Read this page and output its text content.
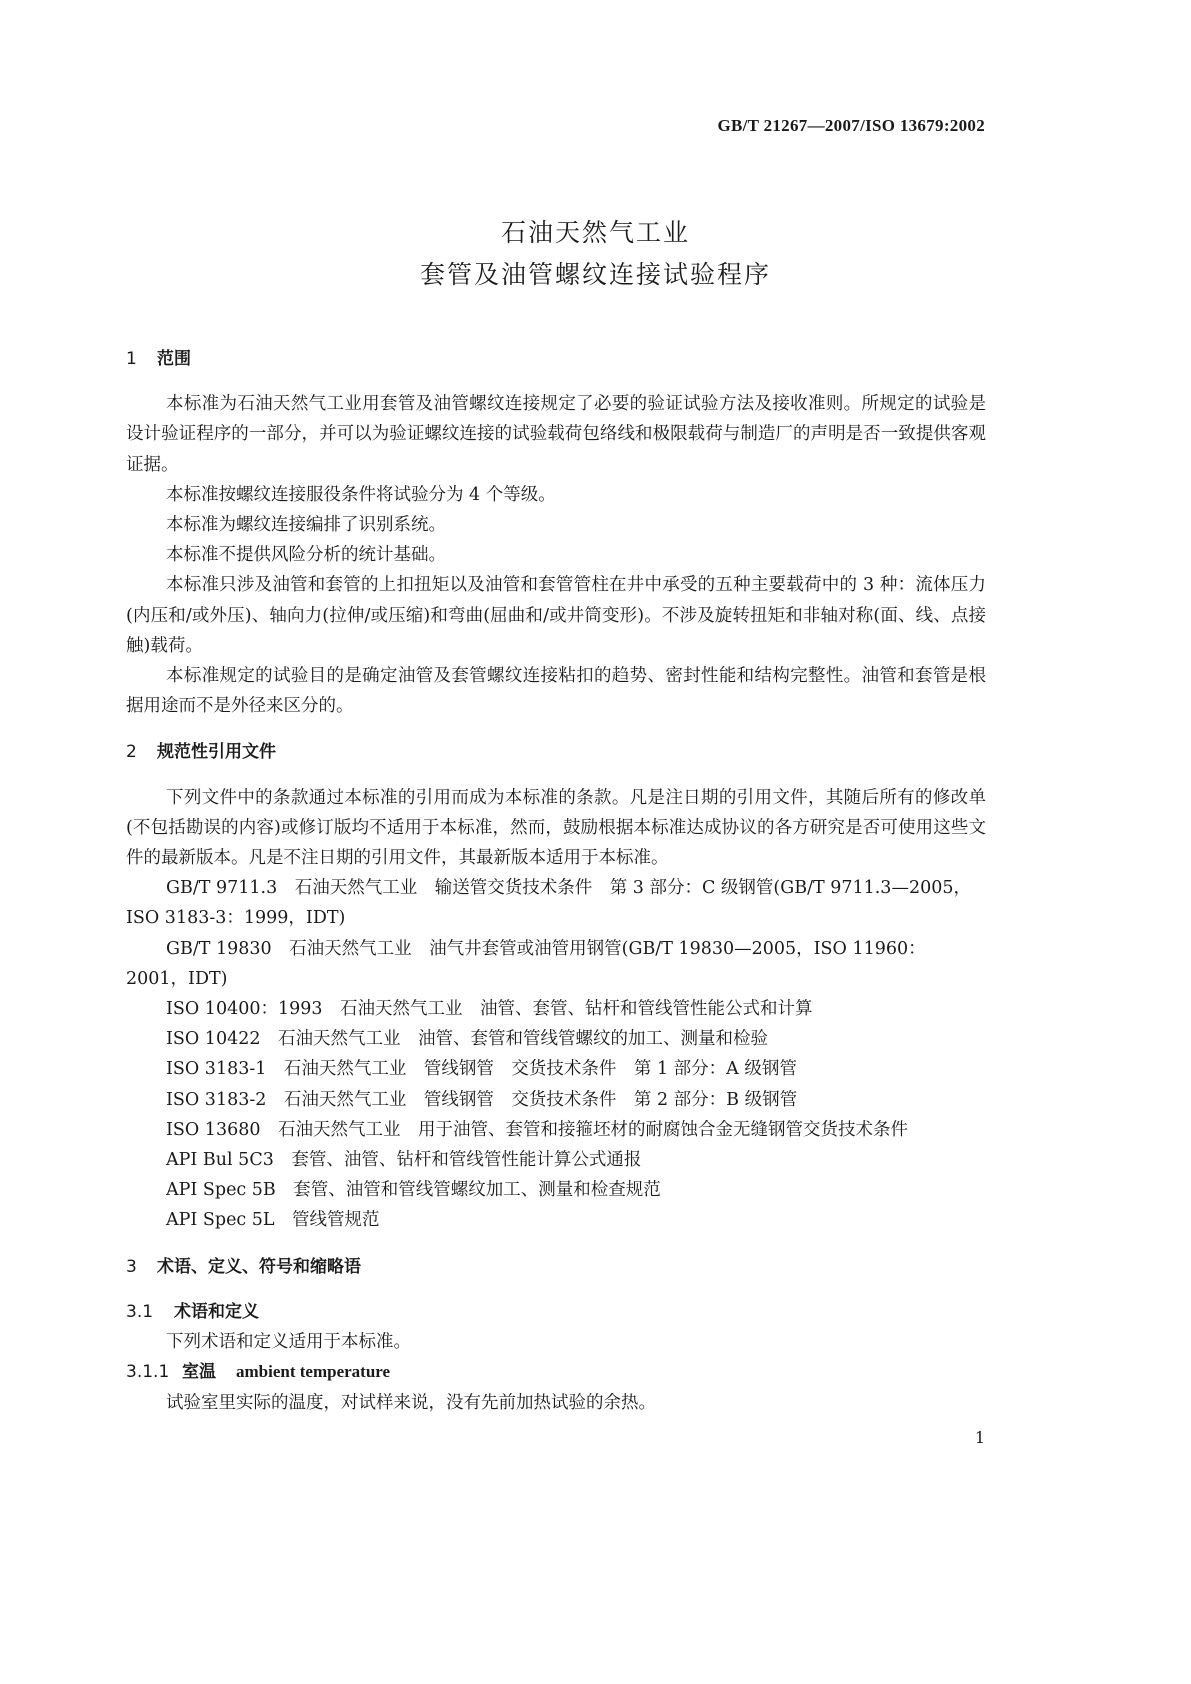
GB/T 21267—2007/ISO 13679:2002
石油天然气工业
套管及油管螺纹连接试验程序

1 范围

本标准为石油天然气工业用套管及油管螺纹连接规定了必要的验证试验方法及接收准则。所规定的试验是设计验证程序的一部分，并可以为验证螺纹连接的试验载荷包络线和极限载荷与制造厂的声明是否一致提供客观证据。

本标准按螺纹连接服役条件将试验分为 4 个等级。

本标准为螺纹连接编排了识别系统。

本标准不提供风险分析的统计基础。

本标准只涉及油管和套管的上扣扭矩以及油管和套管管柱在井中承受的五种主要载荷中的 3 种：流体压力(内压和/或外压)、轴向力(拉伸/或压缩)和弯曲(屈曲和/或井筒变形)。不涉及旋转扭矩和非轴对称(面、线、点接触)载荷。

本标准规定的试验目的是确定油管及套管螺纹连接粘扣的趋势、密封性能和结构完整性。油管和套管是根据用途而不是外径来区分的。

2 规范性引用文件

下列文件中的条款通过本标准的引用而成为本标准的条款。凡是注日期的引用文件，其随后所有的修改单(不包括勘误的内容)或修订版均不适用于本标准，然而，鼓励根据本标准达成协议的各方研究是否可使用这些文件的最新版本。凡是不注日期的引用文件，其最新版本适用于本标准。

GB/T 9711.3　石油天然气工业　输送管交货技术条件　第 3 部分：C 级钢管(GB/T 9711.3—2005，ISO 3183-3：1999，IDT)

GB/T 19830　石油天然气工业　油气井套管或油管用钢管(GB/T 19830—2005，ISO 11960：2001，IDT)

ISO 10400：1993　石油天然气工业　油管、套管、钻杆和管线管性能公式和计算

ISO 10422　石油天然气工业　油管、套管和管线管螺纹的加工、测量和检验

ISO 3183-1　石油天然气工业　管线钢管　交货技术条件　第 1 部分：A 级钢管

ISO 3183-2　石油天然气工业　管线钢管　交货技术条件　第 2 部分：B 级钢管

ISO 13680　石油天然气工业　用于油管、套管和接箍坯材的耐腐蚀合金无缝钢管交货技术条件

API Bul 5C3　套管、油管、钻杆和管线管性能计算公式通报

API Spec 5B　套管、油管和管线管螺纹加工、测量和检查规范

API Spec 5L　管线管规范

3 术语、定义、符号和缩略语

3.1 术语和定义

下列术语和定义适用于本标准。

3.1.1 室温 ambient temperature

试验室里实际的温度，对试样来说，没有先前加热试验的余热。

1
